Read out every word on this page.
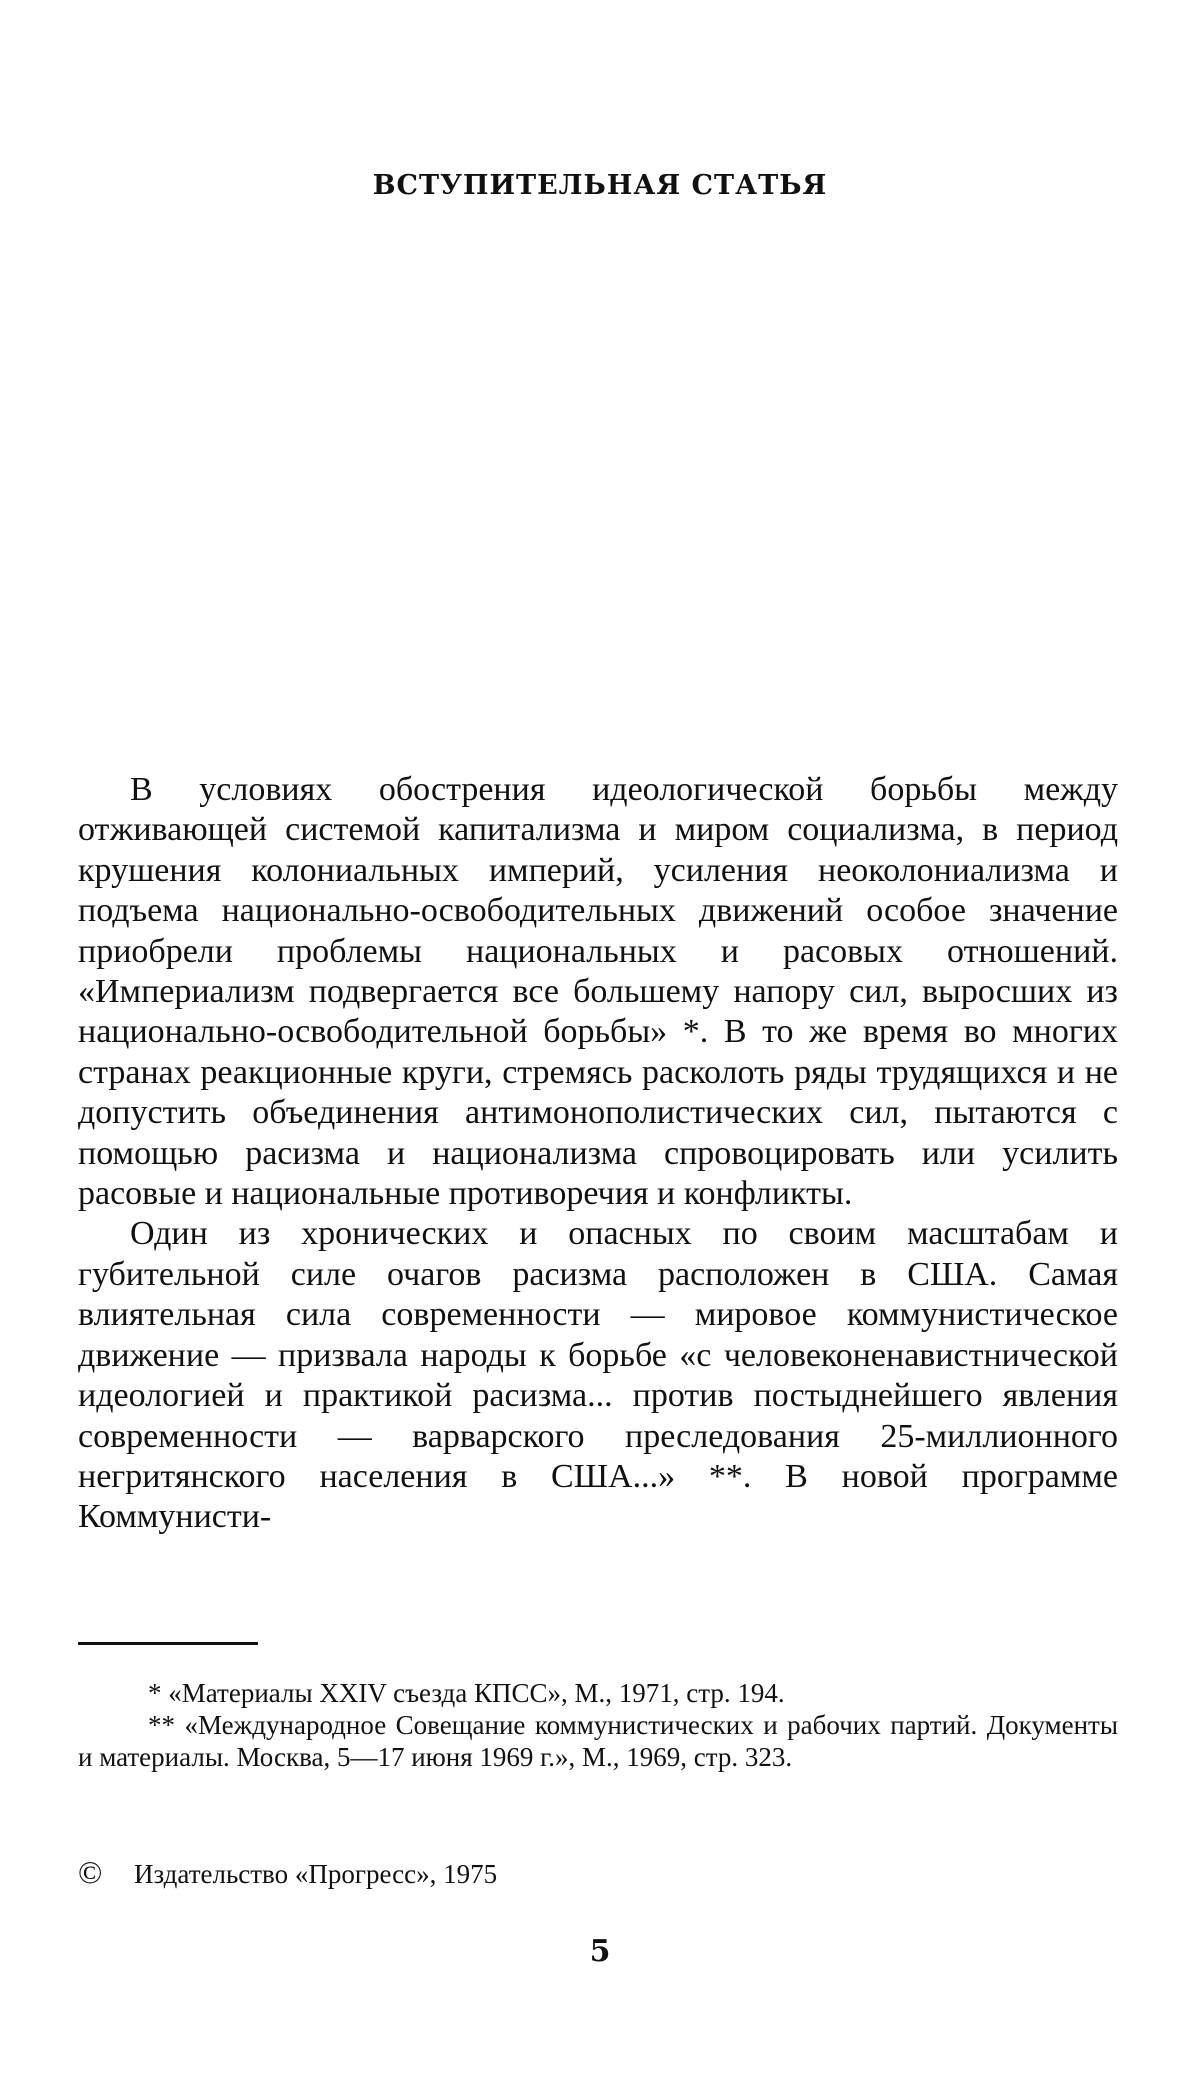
ВСТУПИТЕЛЬНАЯ СТАТЬЯ

В условиях обострения идеологической борьбы между отживающей системой капитализма и миром социализма, в период крушения колониальных империй, усиления неоколониализма и подъема национально-освободительных движений особое значение приобрели проблемы национальных и расовых отношений. «Империализм подвергается все большему напору сил, выросших из национально-освободительной борьбы» *. В то же время во многих странах реакционные круги, стремясь расколоть ряды трудящихся и не допустить объединения антимонополистических сил, пытаются с помощью расизма и национализма спровоцировать или усилить расовые и национальные противоречия и конфликты.

Один из хронических и опасных по своим масштабам и губительной силе очагов расизма расположен в США. Самая влиятельная сила современности — мировое коммунистическое движение — призвала народы к борьбе «с человеконенавистнической идеологией и практикой расизма... против постыднейшего явления современности — варварского преследования 25-миллионного негритянского населения в США...» **. В новой программе Коммунисти-

* «Материалы XXIV съезда КПСС», М., 1971, стр. 194.

** «Международное Совещание коммунистических и рабочих партий. Документы и материалы. Москва, 5—17 июня 1969 г.», М., 1969, стр. 323.

© Издательство «Прогресс», 1975
5
